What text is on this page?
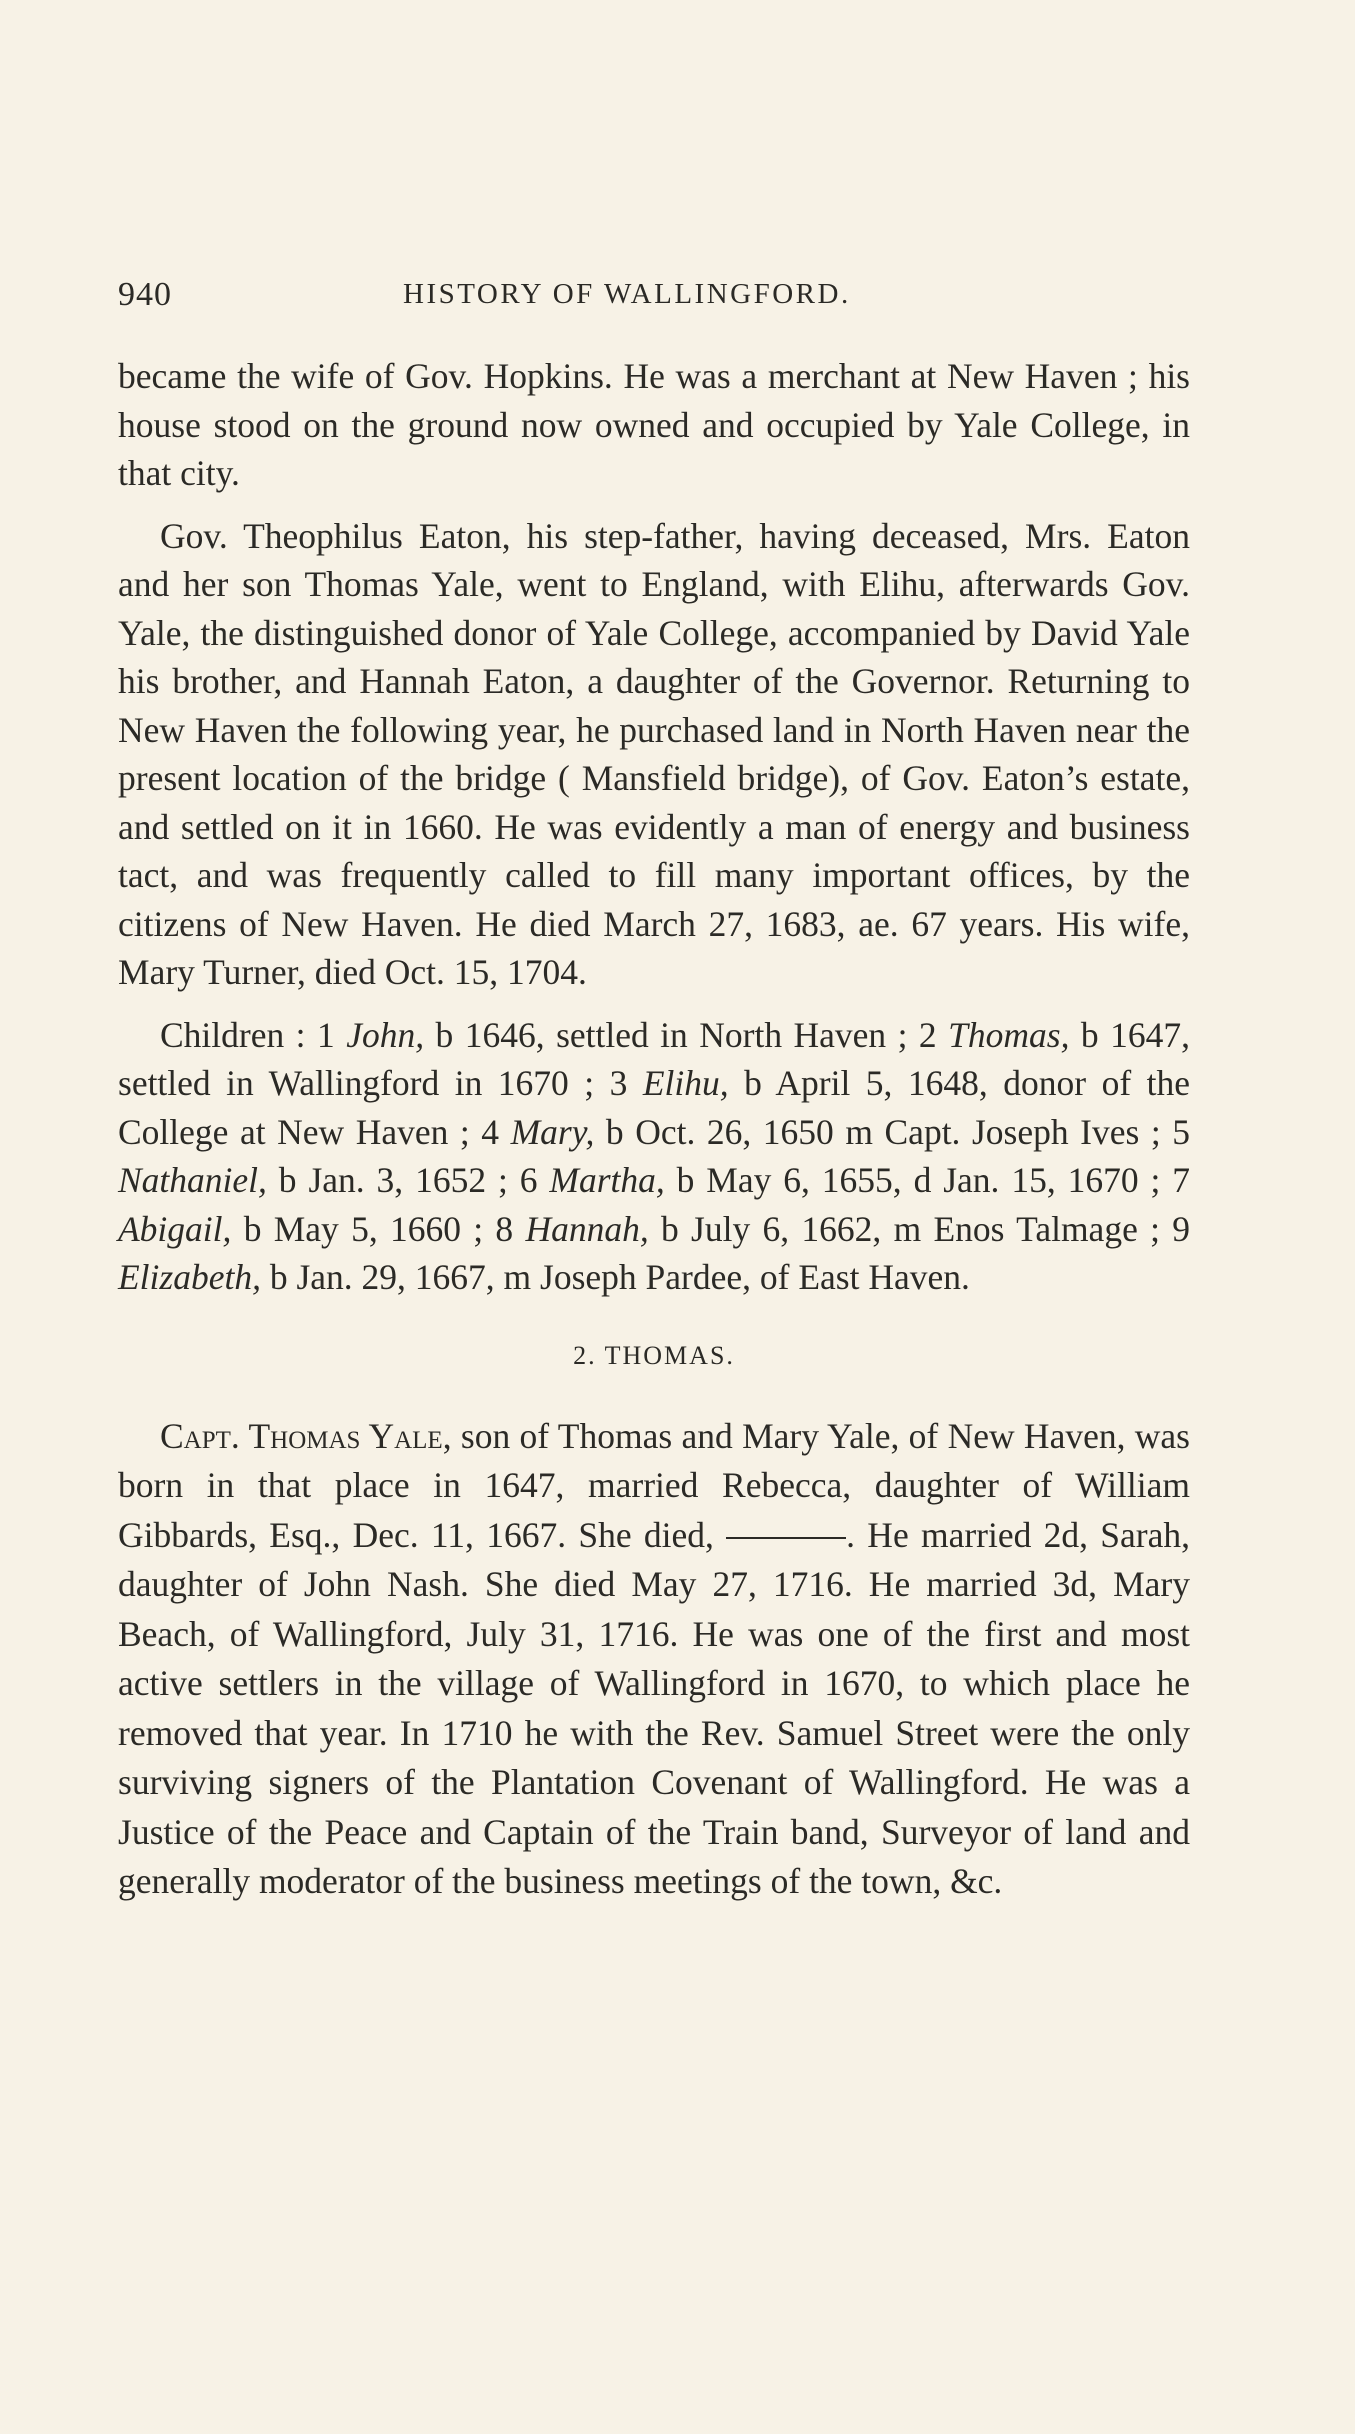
940	HISTORY OF WALLINGFORD.

became the wife of Gov. Hopkins. He was a merchant at New Haven ; his house stood on the ground now owned and occupied by Yale College, in that city.

Gov. Theophilus Eaton, his step-father, having deceased, Mrs. Eaton and her son Thomas Yale, went to England, with Elihu, afterwards Gov. Yale, the distinguished donor of Yale College, accompanied by David Yale his brother, and Hannah Eaton, a daughter of the Governor. Returning to New Haven the following year, he purchased land in North Haven near the present location of the bridge ( Mansfield bridge), of Gov. Eaton’s estate, and settled on it in 1660. He was evidently a man of energy and business tact, and was frequently called to fill many important offices, by the citizens of New Haven. He died March 27, 1683, ae. 67 years. His wife, Mary Turner, died Oct. 15, 1704.

Children : 1 John, b 1646, settled in North Haven ; 2 Thomas, b 1647, settled in Wallingford in 1670 ; 3 Elihu, b April 5, 1648, donor of the College at New Haven ; 4 Mary, b Oct. 26, 1650 m Capt. Joseph Ives ; 5 Nathaniel, b Jan. 3, 1652 ; 6 Martha, b May 6, 1655, d Jan. 15, 1670 ; 7 Abigail, b May 5, 1660 ; 8 Hannah, b July 6, 1662, m Enos Talmage ; 9 Elizabeth, b Jan. 29, 1667, m Joseph Pardee, of East Haven.

2. THOMAS.

Capt. Thomas Yale, son of Thomas and Mary Yale, of New Haven, was born in that place in 1647, married Rebecca, daughter of William Gibbards, Esq., Dec. 11, 1667. She died,	. He married 2d, Sarah, daughter of John Nash. She died May 27, 1716. He married 3d, Mary Beach, of Wallingford, July 31, 1716. He was one of the first and most active settlers in the village of Wallingford in 1670, to which place he removed that year. In 1710 he with the Rev. Samuel Street were the only surviving signers of the Plantation Covenant of Wallingford. He was a Justice of the Peace and Captain of the Train band, Surveyor of land and generally moderator of the business meetings of the town, &c.
